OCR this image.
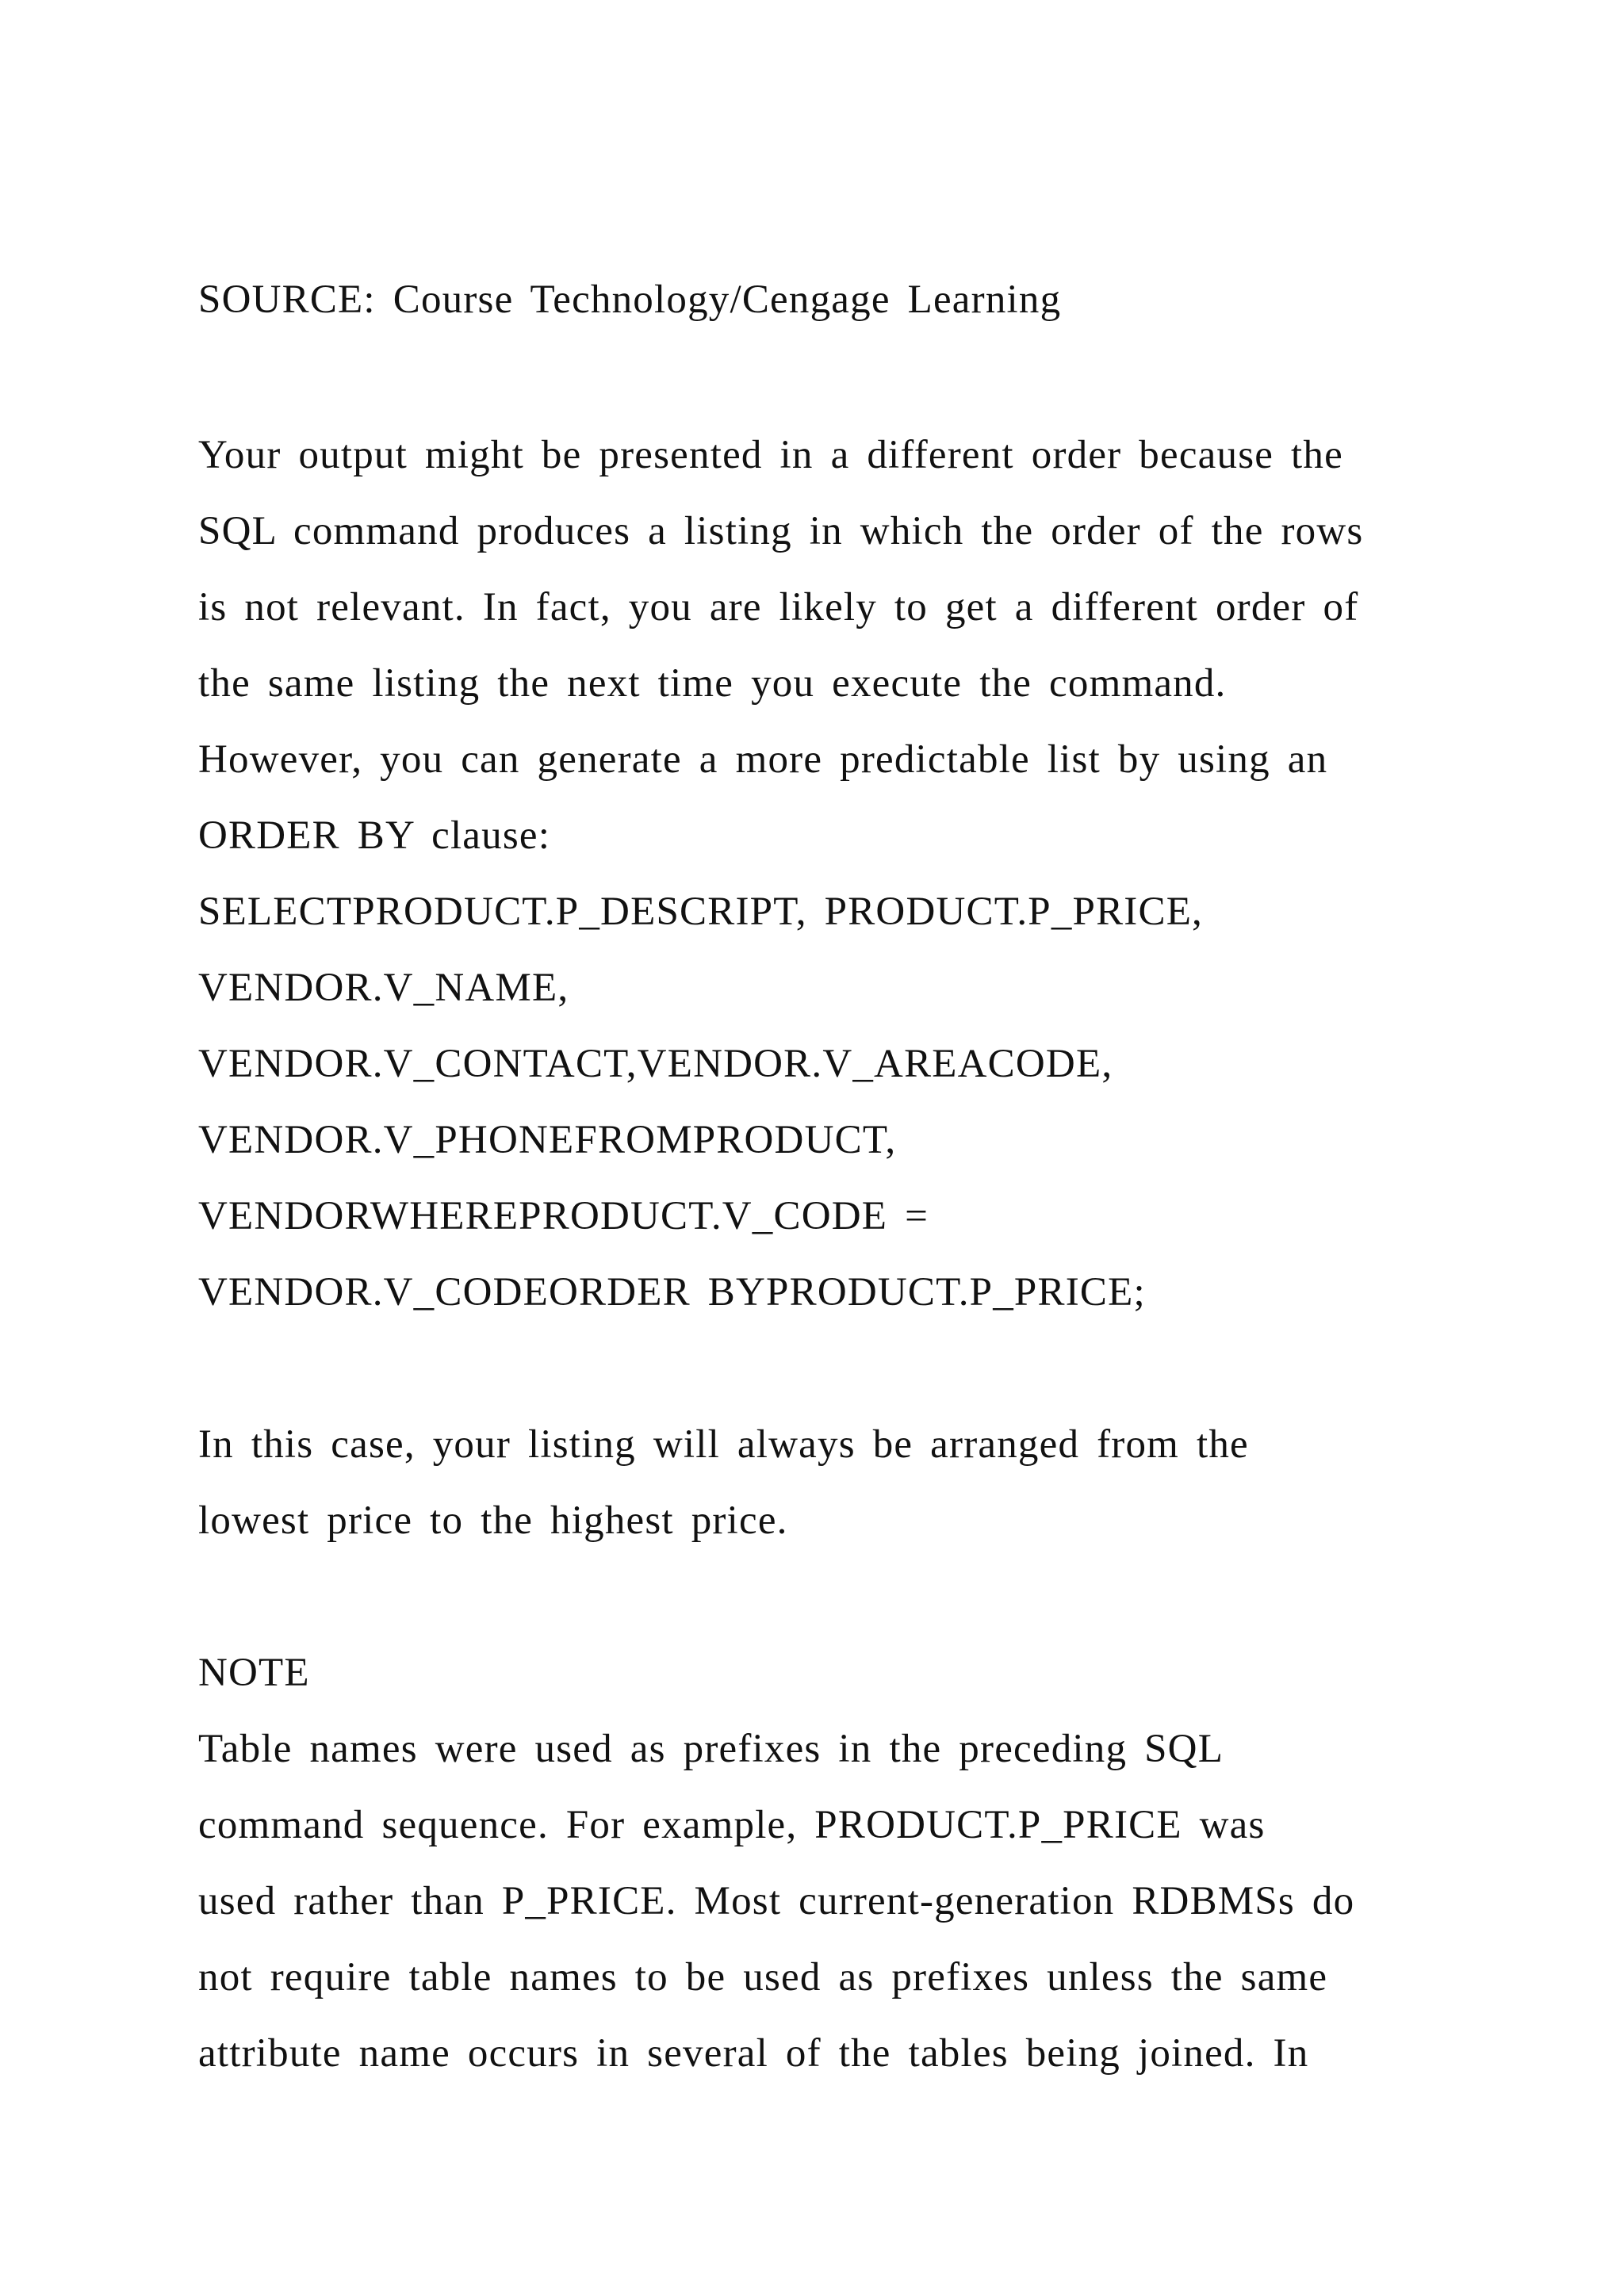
SOURCE: Course Technology/Cengage Learning
Your output might be presented in a different order because the
SQL command produces a listing in which the order of the rows
is not relevant. In fact, you are likely to get a different order of
the same listing the next time you execute the command.
However, you can generate a more predictable list by using an
ORDER BY clause:
SELECTPRODUCT.P_DESCRIPT, PRODUCT.P_PRICE,
VENDOR.V_NAME,
VENDOR.V_CONTACT,VENDOR.V_AREACODE,
VENDOR.V_PHONEFROMPRODUCT,
VENDORWHEREPRODUCT.V_CODE =
VENDOR.V_CODEORDER BYPRODUCT.P_PRICE;
In this case, your listing will always be arranged from the
lowest price to the highest price.
NOTE
Table names were used as prefixes in the preceding SQL
command sequence. For example, PRODUCT.P_PRICE was
used rather than P_PRICE. Most current-generation RDBMSs do
not require table names to be used as prefixes unless the same
attribute name occurs in several of the tables being joined. In
